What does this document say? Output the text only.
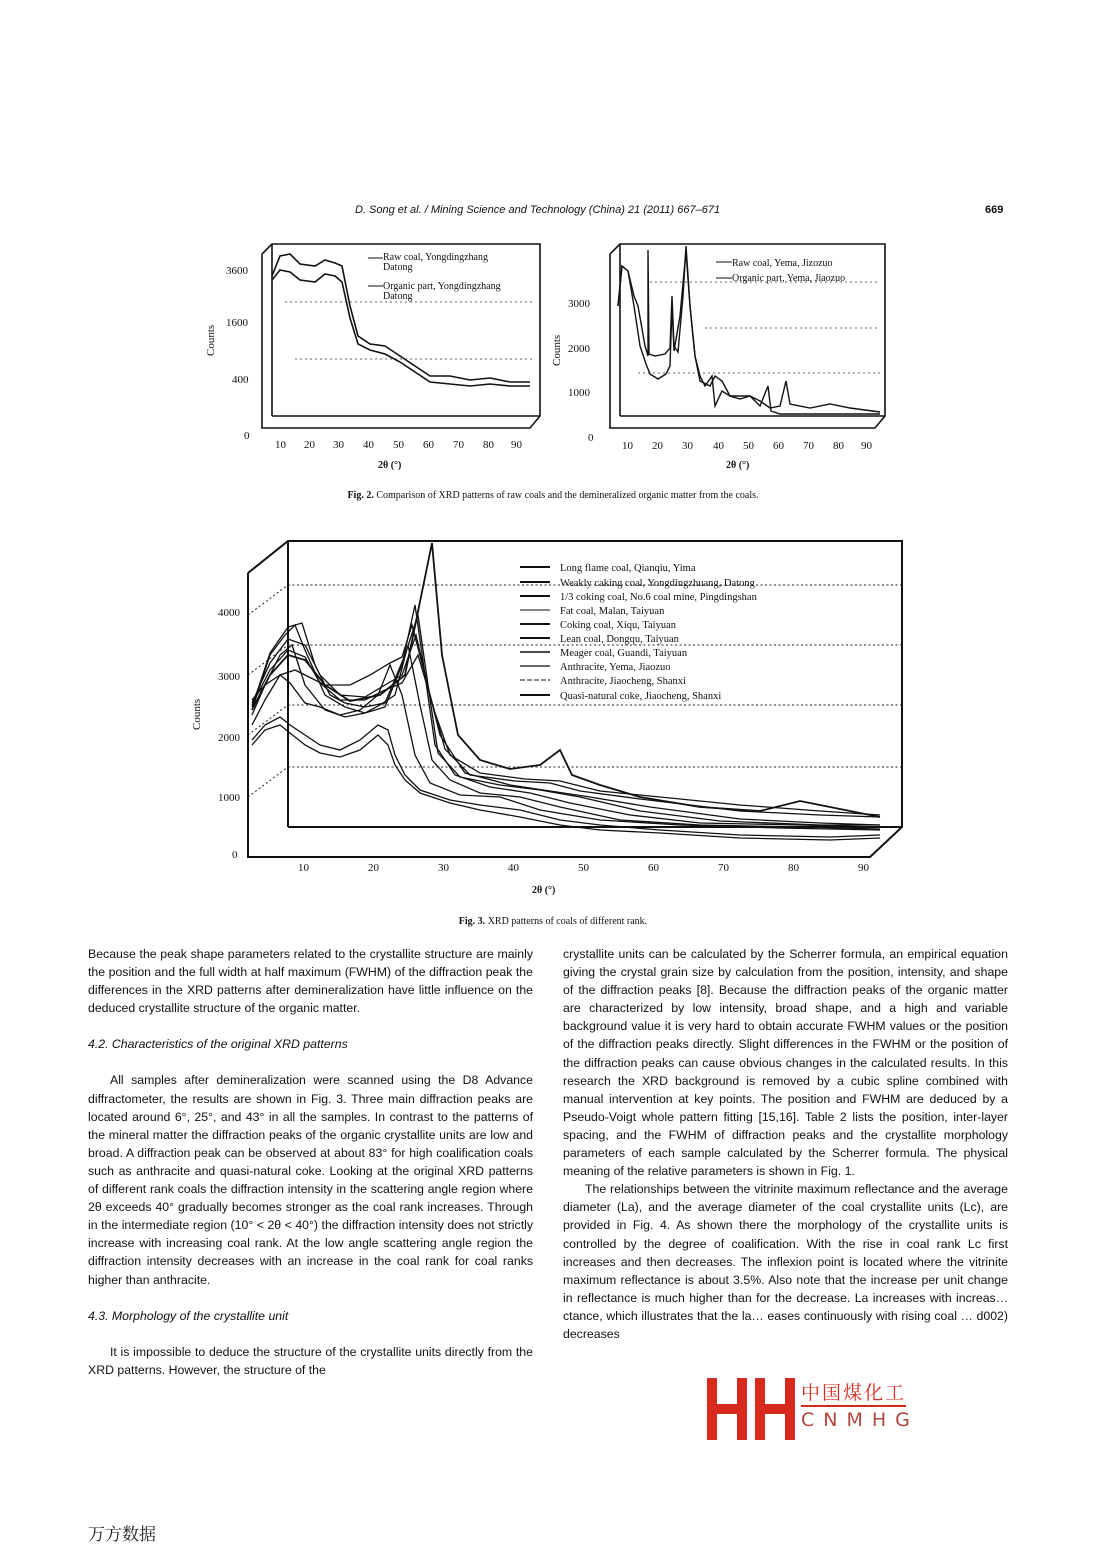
D. Song et al. / Mining Science and Technology (China) 21 (2011) 667–671	669
3600
1600
400
0
10 20 30 40 50 60 70 80 90
2θ (°)
Counts
Raw coal, Yongdingzhang
Datong
Organic part, Yongdingzhang
Datong
3000
2000
1000
0
10 20 30 40 50 60 70 80 90
2θ (°)
Counts
Raw coal, Yema, Jizozuo
Organic part, Yema, Jiaozuo
Fig. 2. Comparison of XRD patterns of raw coals and the demineralized organic matter from the coals.
4000
3000
2000
1000
0
10	20	30	40	50	60	70	80	90
2θ (°)
Counts
Long flame coal, Qianqiu, Yima
Weakly caking coal, Yongdingzhuang, Datong
1/3 coking coal, No.6 coal mine, Pingdingshan
Fat coal, Malan, Taiyuan
Coking coal, Xiqu, Taiyuan
Lean coal, Dongqu, Taiyuan
Meager coal, Guandi, Taiyuan
Anthracite, Yema, Jiaozuo
Anthracite, Jiaocheng, Shanxi
Quasi-natural coke, Jiaocheng, Shanxi
Fig. 3. XRD patterns of coals of different rank.

Because the peak shape parameters related to the crystallite structure are mainly the position and the full width at half maximum (FWHM) of the diffraction peak the differences in the XRD patterns after demineralization have little influence on the deduced crystallite structure of the organic matter.

4.2. Characteristics of the original XRD patterns

All samples after demineralization were scanned using the D8 Advance diffractometer, the results are shown in Fig. 3. Three main diffraction peaks are located around 6°, 25°, and 43° in all the samples. In contrast to the patterns of the mineral matter the diffraction peaks of the organic crystallite units are low and broad. A diffraction peak can be observed at about 83° for high coalification coals such as anthracite and quasi-natural coke. Looking at the original XRD patterns of different rank coals the diffraction intensity in the scattering angle region where 2θ exceeds 40° gradually becomes stronger as the coal rank increases. Through in the intermediate region (10° < 2θ < 40°) the diffraction intensity does not strictly increase with increasing coal rank. At the low angle scattering angle region the diffraction intensity decreases with an increase in the coal rank for coal ranks higher than anthracite.

4.3. Morphology of the crystallite unit

It is impossible to deduce the structure of the crystallite units directly from the XRD patterns. However, the structure of the

crystallite units can be calculated by the Scherrer formula, an empirical equation giving the crystal grain size by calculation from the position, intensity, and shape of the diffraction peaks [8]. Because the diffraction peaks of the organic matter are characterized by low intensity, broad shape, and a high and variable background value it is very hard to obtain accurate FWHM values or the position of the diffraction peaks directly. Slight differences in the FWHM or the position of the diffraction peaks can cause obvious changes in the calculated results. In this research the XRD background is removed by a cubic spline combined with manual intervention at key points. The position and FWHM are deduced by a Pseudo-Voigt whole pattern fitting [15,16]. Table 2 lists the position, inter-layer spacing, and the FWHM of diffraction peaks and the crystallite morphology parameters of each sample calculated by the Scherrer formula. The physical meaning of the relative parameters is shown in Fig. 1.

The relationships between the vitrinite maximum reflectance and the average diameter (La), and the average diameter of the coal crystallite units (Lc), are provided in Fig. 4. As shown there the morphology of the crystallite units is controlled by the degree of coalification. With the rise in coal rank Lc first increases and then decreases. The inflexion point is located where the vitrinite maximum reflectance is about 3.5%. Also note that the increase per unit change in reflectance is much higher than for the decrease. La increases with increas… ctance, which illustrates that the la… eases continuously with rising coal … d002) decreases

中国煤化工
CNMHG
万方数据
